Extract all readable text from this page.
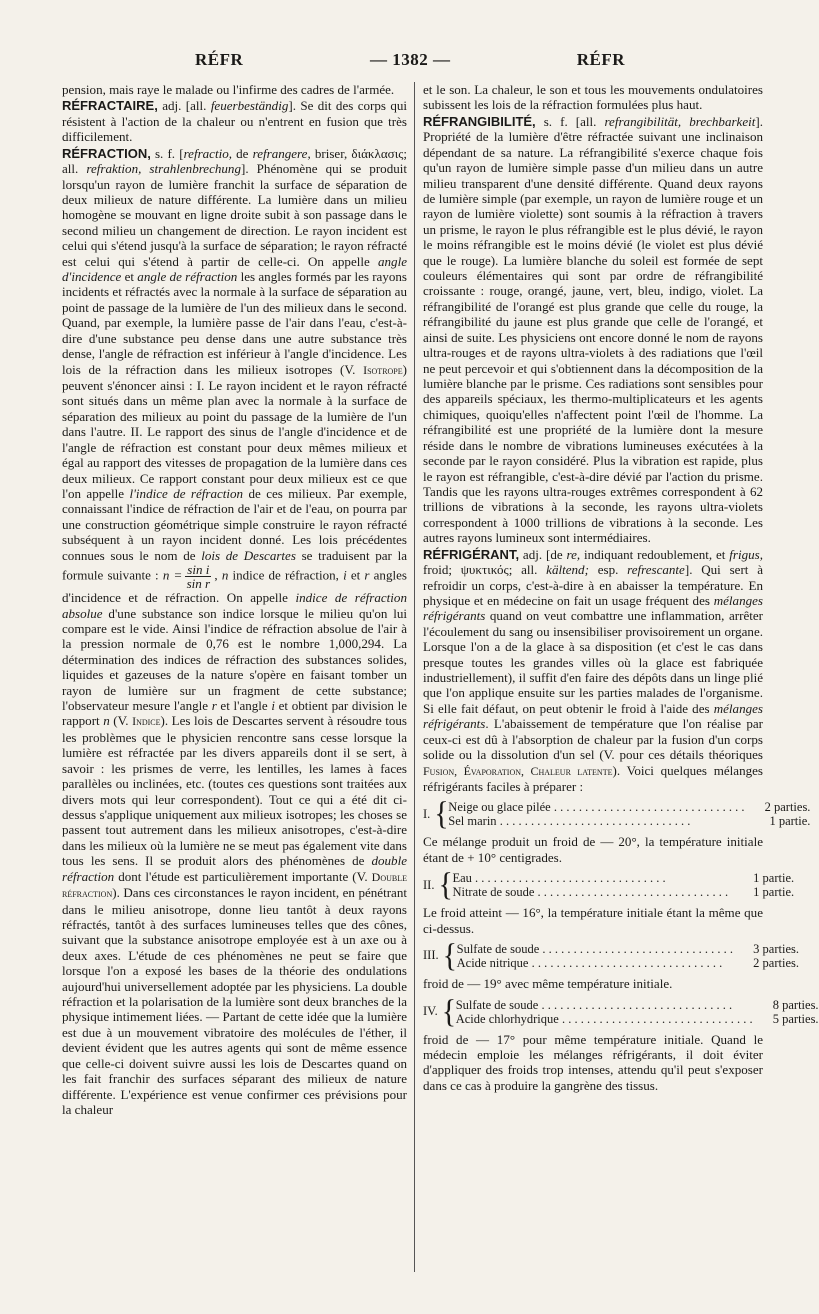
RÉFR	— 1382 —	RÉFR

pension, mais raye le malade ou l'infirme des cadres de l'armée.

RÉFRACTAIRE, adj. [all. feuerbeständig]. Se dit des corps qui résistent à l'action de la chaleur ou n'entrent en fusion que très difficilement.

RÉFRACTION, s. f. [refractio, de refrangere, briser, διάκλασις; all. refraktion, strahlenbrechung]. Phénomène qui se produit lorsqu'un rayon de lumière franchit la surface de séparation de deux milieux de nature différente. La lumière dans un milieu homogène se mouvant en ligne droite subit à son passage dans le second milieu un changement de direction. Le rayon incident est celui qui s'étend jusqu'à la surface de séparation; le rayon réfracté est celui qui s'étend à partir de celle-ci. On appelle angle d'incidence et angle de réfraction les angles formés par les rayons incidents et réfractés avec la normale à la surface de séparation au point de passage de la lumière de l'un des milieux dans le second. Quand, par exemple, la lumière passe de l'air dans l'eau, c'est-à-dire d'une substance peu dense dans une autre substance très dense, l'angle de réfraction est inférieur à l'angle d'incidence. Les lois de la réfraction dans les milieux isotropes (V. Isotrope) peuvent s'énoncer ainsi : I. Le rayon incident et le rayon réfracté sont situés dans un même plan avec la normale à la surface de séparation des milieux au point du passage de la lumière de l'un dans l'autre. II. Le rapport des sinus de l'angle d'incidence et de l'angle de réfraction est constant pour deux mêmes milieux et égal au rapport des vitesses de propagation de la lumière dans ces deux milieux. Ce rapport constant pour deux milieux est ce que l'on appelle l'indice de réfraction de ces milieux. Par exemple, connaissant l'indice de réfraction de l'air et de l'eau, on pourra par une construction géométrique simple construire le rayon réfracté subséquent à un rayon incident donné. Les lois précédentes connues sous le nom de lois de Descartes se traduisent par la formule suivante : $n = \frac{\text{sin i}}{\text{sin r}}$ , n indice de réfraction, i et r angles d'incidence et de réfraction. On appelle indice de réfraction absolue d'une substance son indice lorsque le milieu qu'on lui compare est le vide. Ainsi l'indice de réfraction absolue de l'air à la pression normale de 0,76 est le nombre 1,000,294. La détermination des indices de réfraction des substances solides, liquides et gazeuses de la nature s'opère en faisant tomber un rayon de lumière sur un fragment de cette substance; l'observateur mesure l'angle r et l'angle i et obtient par division le rapport n (V. Indice). Les lois de Descartes servent à résoudre tous les problèmes que le physicien rencontre sans cesse lorsque la lumière est réfractée par les divers appareils dont il se sert, à savoir : les prismes de verre, les lentilles, les lames à faces parallèles ou inclinées, etc. (toutes ces questions sont traitées aux divers mots qui leur correspondent). Tout ce qui a été dit ci-dessus s'applique uniquement aux milieux isotropes; les choses se passent tout autrement dans les milieux anisotropes, c'est-à-dire dans les milieux où la lumière ne se meut pas également vite dans tous les sens. Il se produit alors des phénomènes de double réfraction dont l'étude est particulièrement importante (V. Double réfraction). Dans ces circonstances le rayon incident, en pénétrant dans le milieu anisotrope, donne lieu tantôt à deux rayons réfractés, tantôt à des surfaces lumineuses telles que des cônes, suivant que la substance anisotrope employée est à un axe ou à deux axes. L'étude de ces phénomènes ne peut se faire que lorsque l'on a exposé les bases de la théorie des ondulations aujourd'hui universellement adoptée par les physiciens. La double réfraction et la polarisation de la lumière sont deux branches de la physique intimement liées. — Partant de cette idée que la lumière est due à un mouvement vibratoire des molécules de l'éther, il devient évident que les autres agents qui sont de même essence que celle-ci doivent suivre aussi les lois de Descartes quand on les fait franchir des surfaces séparant des milieux de nature différente. L'expérience est venue confirmer ces prévisions pour la chaleur

et le son. La chaleur, le son et tous les mouvements ondulatoires subissent les lois de la réfraction formulées plus haut.

RÉFRANGIBILITÉ, s. f. [all. refrangibilität, brechbarkeit]. Propriété de la lumière d'être réfractée suivant une inclinaison dépendant de sa nature. La réfrangibilité s'exerce chaque fois qu'un rayon de lumière simple passe d'un milieu dans un autre milieu transparent d'une densité différente. Quand deux rayons de lumière simple (par exemple, un rayon de lumière rouge et un rayon de lumière violette) sont soumis à la réfraction à travers un prisme, le rayon le plus réfrangible est le plus dévié, le rayon le moins réfrangible est le moins dévié (le violet est plus dévié que le rouge). La lumière blanche du soleil est formée de sept couleurs élémentaires qui sont par ordre de réfrangibilité croissante : rouge, orangé, jaune, vert, bleu, indigo, violet. La réfrangibilité de l'orangé est plus grande que celle du rouge, la réfrangibilité du jaune est plus grande que celle de l'orangé, et ainsi de suite. Les physiciens ont encore donné le nom de rayons ultra-rouges et de rayons ultra-violets à des radiations que l'œil ne peut percevoir et qui s'obtiennent dans la décomposition de la lumière blanche par le prisme. Ces radiations sont sensibles pour des appareils spéciaux, les thermo-multiplicateurs et les agents chimiques, quoiqu'elles n'affectent point l'œil de l'homme. La réfrangibilité est une propriété de la lumière dont la mesure réside dans le nombre de vibrations lumineuses exécutées à la seconde par le rayon considéré. Plus la vibration est rapide, plus le rayon est réfrangible, c'est-à-dire dévié par l'action du prisme. Tandis que les rayons ultra-rouges extrêmes correspondent à 62 trillions de vibrations à la seconde, les rayons ultra-violets correspondent à 1000 trillions de vibrations à la seconde. Les autres rayons lumineux sont intermédiaires.

RÉFRIGÉRANT, adj. [de re, indiquant redoublement, et frigus, froid; ψυκτικός; all. kältend; esp. refrescante]. Qui sert à refroidir un corps, c'est-à-dire à en abaisser la température. En physique et en médecine on fait un usage fréquent des mélanges réfrigérants quand on veut combattre une inflammation, arrêter l'écoulement du sang ou insensibiliser provisoirement un organe. Lorsque l'on a de la glace à sa disposition (et c'est le cas dans presque toutes les grandes villes où la glace est fabriquée industriellement), il suffit d'en faire des dépôts dans un linge plié que l'on applique ensuite sur les parties malades de l'organisme. Si elle fait défaut, on peut obtenir le froid à l'aide des mélanges réfrigérants. L'abaissement de température que l'on réalise par ceux-ci est dû à l'absorption de chaleur par la fusion d'un corps solide ou la dissolution d'un sel (V. pour ces détails théoriques Fusion, Évaporation, Chaleur latente). Voici quelques mélanges réfrigérants faciles à préparer :

I. { Neige ou glace pilée . . .	2 parties.
Sel marin . . .	1 partie.

Ce mélange produit un froid de — 20°, la température initiale étant de + 10° centigrades.

II. { Eau . . .	1 partie.
Nitrate de soude . . .	1 partie.

Le froid atteint — 16°, la température initiale étant la même que ci-dessus.

III. { Sulfate de soude . . .	3 parties.
Acide nitrique . . .	2 parties.

froid de — 19° avec même température initiale.

IV. { Sulfate de soude . . .	8 parties.
Acide chlorhydrique . . .	5 parties.

froid de — 17° pour même température initiale. Quand le médecin emploie les mélanges réfrigérants, il doit éviter d'appliquer des froids trop intenses, attendu qu'il peut s'exposer dans ce cas à produire la gangrène des tissus.
